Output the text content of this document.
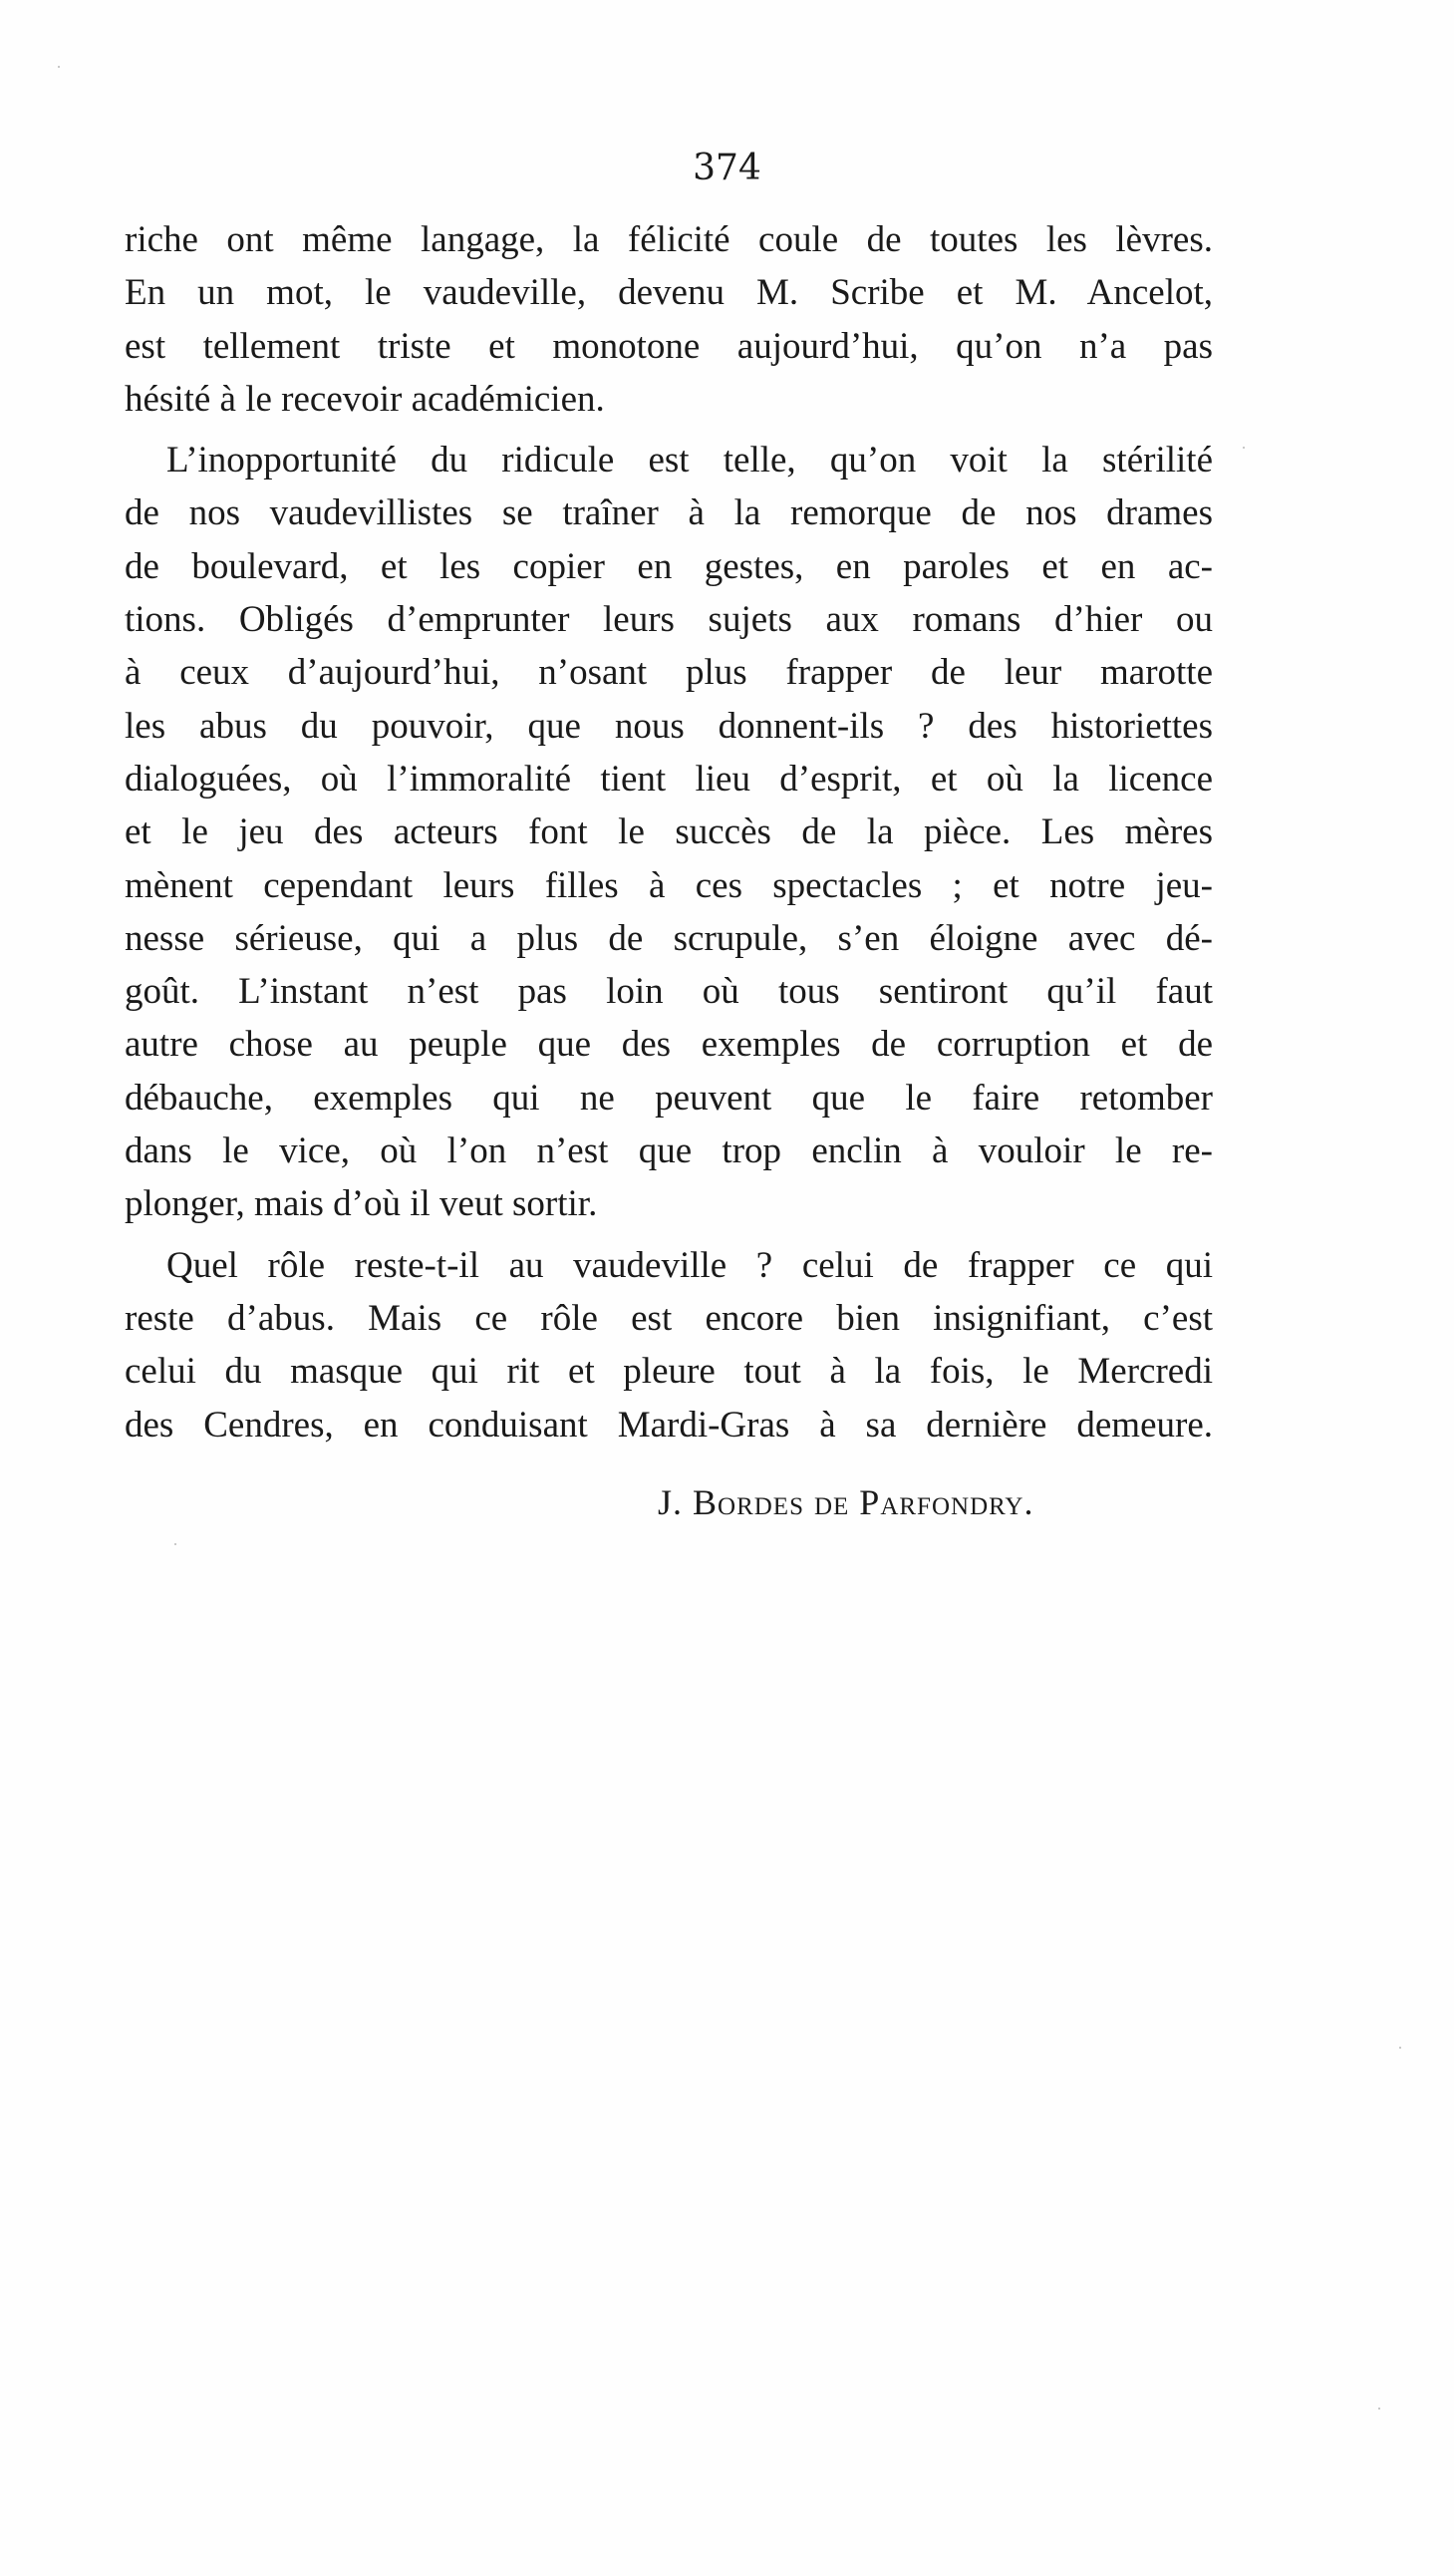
374
riche ont même langage, la félicité coule de toutes les lèvres.
En un mot, le vaudeville, devenu M. Scribe et M. Ancelot,
est tellement triste et monotone aujourd’hui, qu’on n’a pas
hésité à le recevoir académicien.
L’inopportunité du ridicule est telle, qu’on voit la stérilité
de nos vaudevillistes se traîner à la remorque de nos drames
de boulevard, et les copier en gestes, en paroles et en ac-
tions. Obligés d’emprunter leurs sujets aux romans d’hier ou
à ceux d’aujourd’hui, n’osant plus frapper de leur marotte
les abus du pouvoir, que nous donnent-ils ? des historiettes
dialoguées, où l’immoralité tient lieu d’esprit, et où la licence
et le jeu des acteurs font le succès de la pièce. Les mères
mènent cependant leurs filles à ces spectacles ; et notre jeu-
nesse sérieuse, qui a plus de scrupule, s’en éloigne avec dé-
goût. L’instant n’est pas loin où tous sentiront qu’il faut
autre chose au peuple que des exemples de corruption et de
débauche, exemples qui ne peuvent que le faire retomber
dans le vice, où l’on n’est que trop enclin à vouloir le re-
plonger, mais d’où il veut sortir.
Quel rôle reste-t-il au vaudeville ? celui de frapper ce qui
reste d’abus. Mais ce rôle est encore bien insignifiant, c’est
celui du masque qui rit et pleure tout à la fois, le Mercredi
des Cendres, en conduisant Mardi-Gras à sa dernière demeure.
J. Bordes de Parfondry.
